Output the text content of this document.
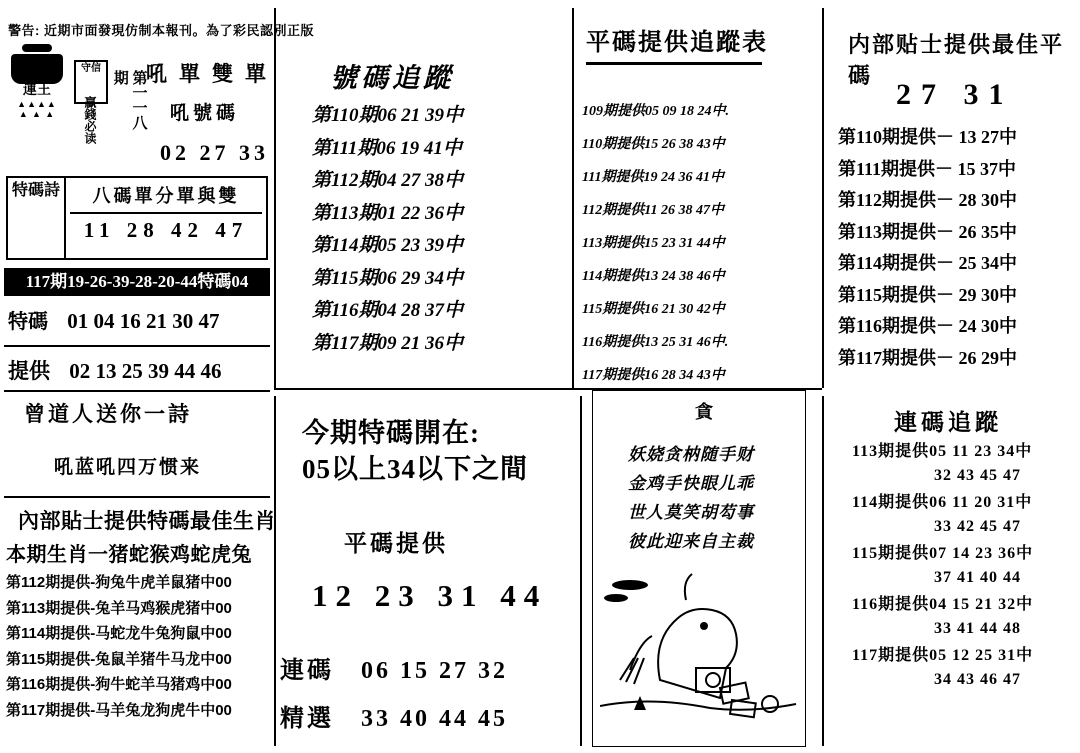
警告: 近期市面發現仿制本報刊。為了彩民認別正版
運王
▲▲▲▲
▲ ▲ ▲
守信
贏錢必读	第一一八期 吼單雙單
吼號碼
02 27 33
特碼詩	八碼單分單與雙
11 28 42 47
117期19-26-39-28-20-44特碼04
特碼 01 04 16 21 30 47
提供 02 13 25 39 44 46
曾道人送你一詩
吼蓝吼四万惯来
內部貼士提供特碼最佳生肖
本期生肖一猪蛇猴鸡蛇虎兔
第112期提供-狗兔牛虎羊鼠猪中00
第113期提供-兔羊马鸡猴虎猪中00
第114期提供-马蛇龙牛兔狗鼠中00
第115期提供-兔鼠羊猪牛马龙中00
第116期提供-狗牛蛇羊马猪鸡中00
第117期提供-马羊兔龙狗虎牛中00
號碼追蹤
第110期06 21 39中
第111期06 19 41中
第112期04 27 38中
第113期01 22 36中
第114期05 23 39中
第115期06 29 34中
第116期04 28 37中
第117期09 21 36中
今期特碼開在:
05以上34以下之間
平碼提供
12 23 31 44
連碼 06 15 27 32
精選 33 40 44 45
平碼提供追蹤表
109期提供05 09 18 24中.
110期提供15 26 38 43中
111期提供19 24 36 41中
112期提供11 26 38 47中
113期提供15 23 31 44中
114期提供13 24 38 46中
115期提供16 21 30 42中
116期提供13 25 31 46中.
117期提供16 28 34 43中
貪
妖娆贪枘随手财
金鸡手快眼儿乖
世人莫笑胡芶事
彼此迎来自主裁
内部贴士提供最佳平碼
27 31
第110期提供－ 13 27中
第111期提供－ 15 37中
第112期提供－ 28 30中
第113期提供－ 26 35中
第114期提供－ 25 34中
第115期提供－ 29 30中
第116期提供－ 24 30中
第117期提供－ 26 29中
連碼追蹤
113期提供05 11 23 34中
32 43 45 47
114期提供06 11 20 31中
33 42 45 47
115期提供07 14 23 36中
37 41 40 44
116期提供04 15 21 32中
33 41 44 48
117期提供05 12 25 31中
34 43 46 47
